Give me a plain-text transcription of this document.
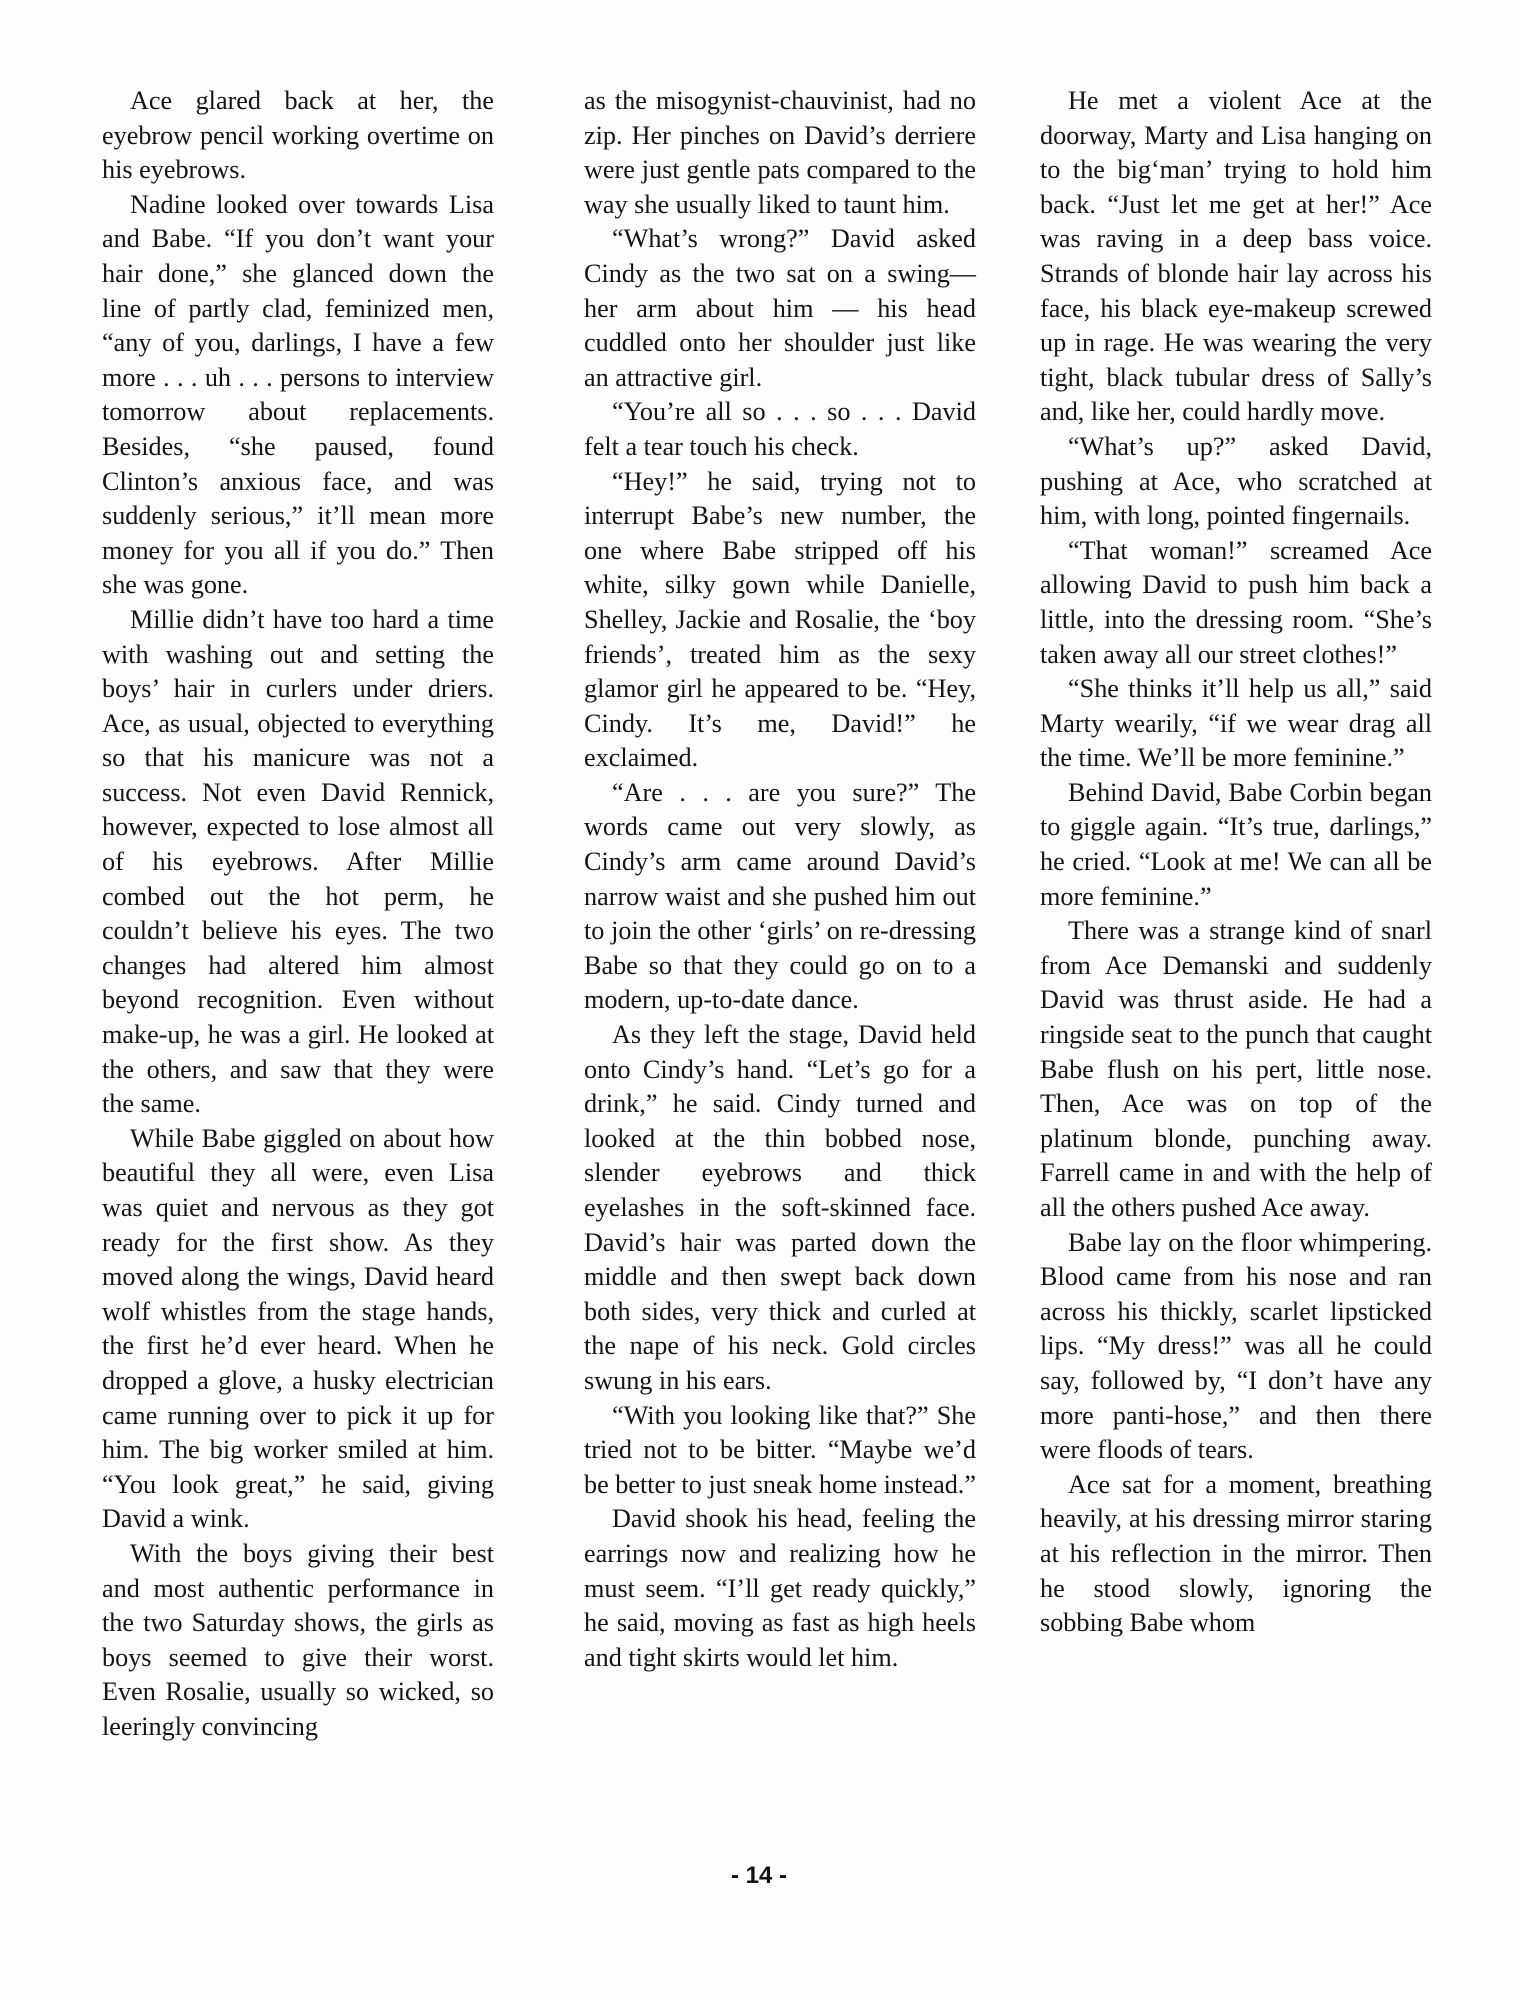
Ace glared back at her, the eyebrow pencil working overtime on his eyebrows.

Nadine looked over towards Lisa and Babe. “If you don’t want your hair done,” she glanced down the line of partly clad, feminized men, “any of you, darlings, I have a few more . . . uh . . . persons to interview tomorrow about replacements. Besides, “she paused, found Clinton’s anxious face, and was suddenly serious,” it’ll mean more money for you all if you do.” Then she was gone.

Millie didn’t have too hard a time with washing out and setting the boys’ hair in curlers under driers. Ace, as usual, objected to everything so that his manicure was not a success. Not even David Rennick, however, expected to lose almost all of his eyebrows. After Millie combed out the hot perm, he couldn’t believe his eyes. The two changes had altered him almost beyond recognition. Even without make-up, he was a girl. He looked at the others, and saw that they were the same.

While Babe giggled on about how beautiful they all were, even Lisa was quiet and nervous as they got ready for the first show. As they moved along the wings, David heard wolf whistles from the stage hands, the first he’d ever heard. When he dropped a glove, a husky electrician came running over to pick it up for him. The big worker smiled at him. “You look great,” he said, giving David a wink.

With the boys giving their best and most authentic performance in the two Saturday shows, the girls as boys seemed to give their worst. Even Rosalie, usually so wicked, so leeringly convincing

as the misogynist-chauvinist, had no zip. Her pinches on David’s derriere were just gentle pats compared to the way she usually liked to taunt him.

“What’s wrong?” David asked Cindy as the two sat on a swing— her arm about him — his head cuddled onto her shoulder just like an attractive girl.

“You’re all so . . . so . . . David felt a tear touch his check.

“Hey!” he said, trying not to interrupt Babe’s new number, the one where Babe stripped off his white, silky gown while Danielle, Shelley, Jackie and Rosalie, the ‘boy friends’, treated him as the sexy glamor girl he appeared to be. “Hey, Cindy. It’s me, David!” he exclaimed.

“Are . . . are you sure?” The words came out very slowly, as Cindy’s arm came around David’s narrow waist and she pushed him out to join the other ‘girls’ on re-dressing Babe so that they could go on to a modern, up-to-date dance.

As they left the stage, David held onto Cindy’s hand. “Let’s go for a drink,” he said. Cindy turned and looked at the thin bobbed nose, slender eyebrows and thick eyelashes in the soft-skinned face. David’s hair was parted down the middle and then swept back down both sides, very thick and curled at the nape of his neck. Gold circles swung in his ears.

“With you looking like that?” She tried not to be bitter. “Maybe we’d be better to just sneak home instead.”

David shook his head, feeling the earrings now and realizing how he must seem. “I’ll get ready quickly,” he said, moving as fast as high heels and tight skirts would let him.

He met a violent Ace at the doorway, Marty and Lisa hanging on to the big‘man’ trying to hold him back. “Just let me get at her!” Ace was raving in a deep bass voice. Strands of blonde hair lay across his face, his black eye-makeup screwed up in rage. He was wearing the very tight, black tubular dress of Sally’s and, like her, could hardly move.

“What’s up?” asked David, pushing at Ace, who scratched at him, with long, pointed fingernails.

“That woman!” screamed Ace allowing David to push him back a little, into the dressing room. “She’s taken away all our street clothes!”

“She thinks it’ll help us all,” said Marty wearily, “if we wear drag all the time. We’ll be more feminine.”

Behind David, Babe Corbin began to giggle again. “It’s true, darlings,” he cried. “Look at me! We can all be more feminine.”

There was a strange kind of snarl from Ace Demanski and suddenly David was thrust aside. He had a ringside seat to the punch that caught Babe flush on his pert, little nose. Then, Ace was on top of the platinum blonde, punching away. Farrell came in and with the help of all the others pushed Ace away.

Babe lay on the floor whimpering. Blood came from his nose and ran across his thickly, scarlet lipsticked lips. “My dress!” was all he could say, followed by, “I don’t have any more panti-hose,” and then there were floods of tears.

Ace sat for a moment, breathing heavily, at his dressing mirror staring at his reflection in the mirror. Then he stood slowly, ignoring the sobbing Babe whom

- 14 -
